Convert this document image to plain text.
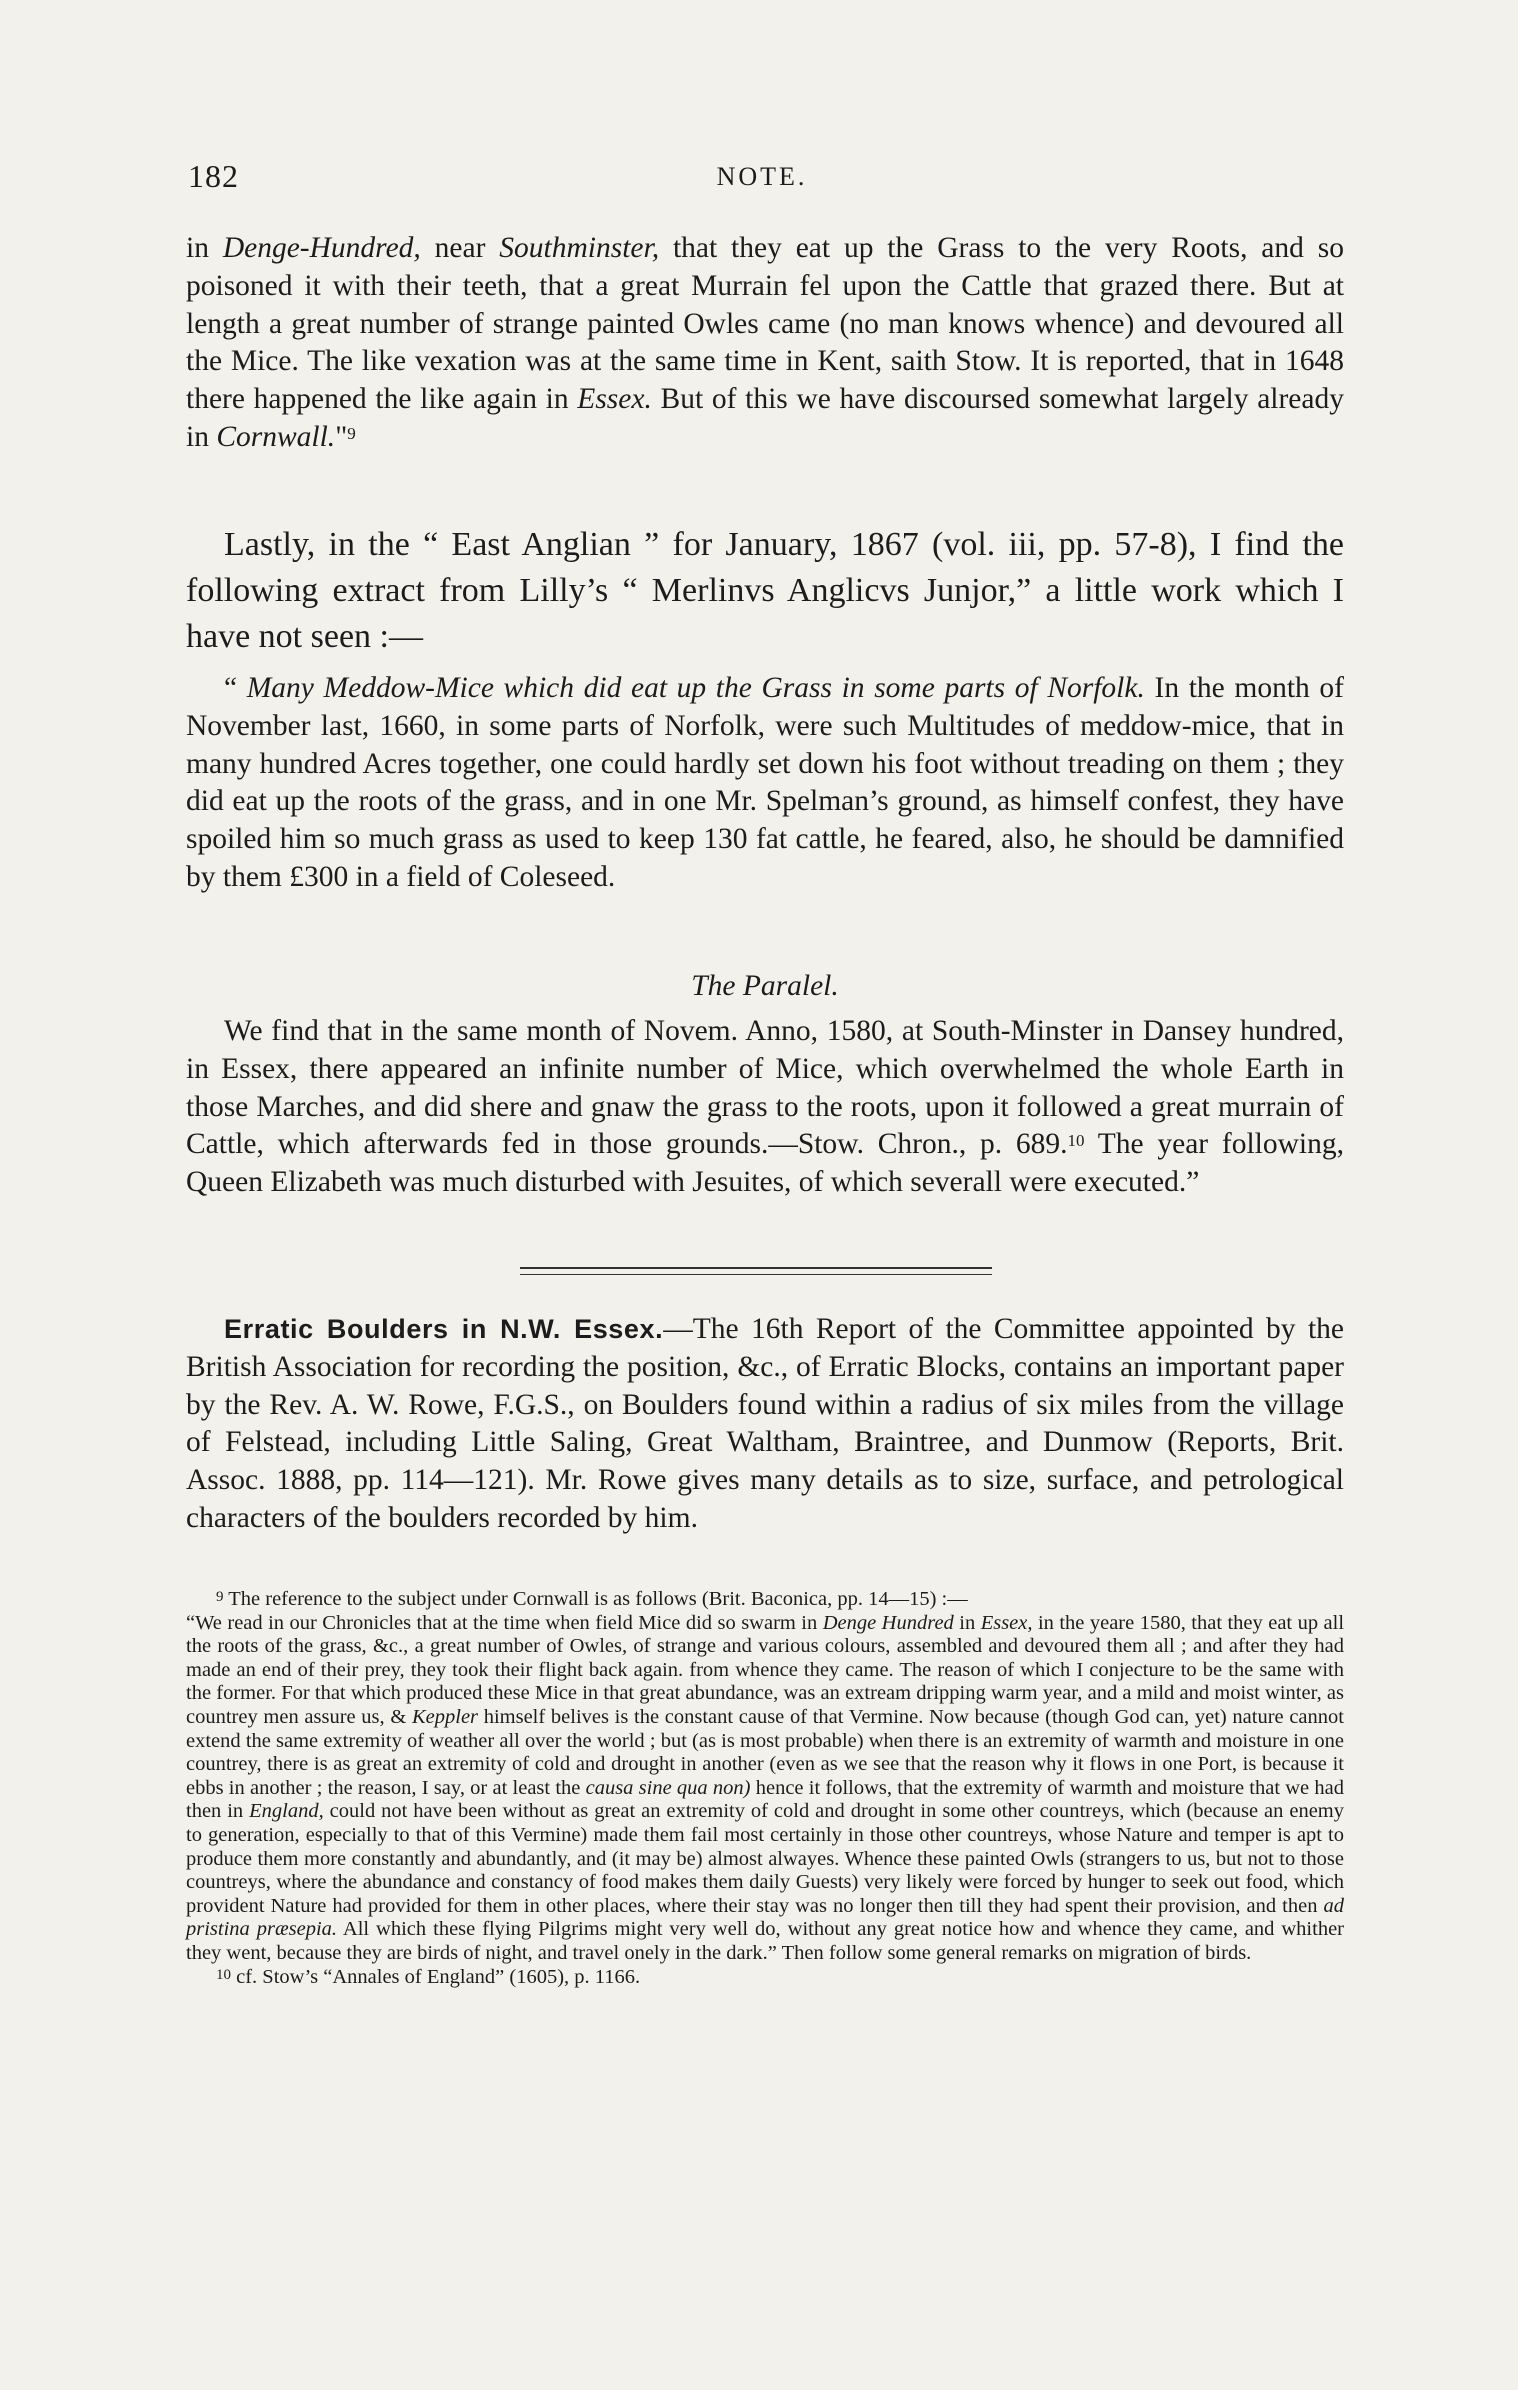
182	NOTE.

in Denge-Hundred, near Southminster, that they eat up the Grass to the very Roots, and so poisoned it with their teeth, that a great Murrain fel upon the Cattle that grazed there. But at length a great number of strange painted Owles came (no man knows whence) and devoured all the Mice. The like vexation was at the same time in Kent, saith Stow. It is reported, that in 1648 there happened the like again in Essex. But of this we have discoursed somewhat largely already in Cornwall."$^9$

Lastly, in the “ East Anglian ” for January, 1867 (vol. iii, pp. 57-8), I find the following extract from Lilly’s “ Merlinvs Anglicvs Junjor,” a little work which I have not seen :—

“ Many Meddow-Mice which did eat up the Grass in some parts of Norfolk. In the month of November last, 1660, in some parts of Norfolk, were such Multitudes of meddow-mice, that in many hundred Acres together, one could hardly set down his foot without treading on them ; they did eat up the roots of the grass, and in one Mr. Spelman’s ground, as himself confest, they have spoiled him so much grass as used to keep 130 fat cattle, he feared, also, he should be damnified by them £300 in a field of Coleseed.

The Paralel.

We find that in the same month of Novem. Anno, 1580, at South-Minster in Dansey hundred, in Essex, there appeared an infinite number of Mice, which overwhelmed the whole Earth in those Marches, and did shere and gnaw the grass to the roots, upon it followed a great murrain of Cattle, which afterwards fed in those grounds.—Stow. Chron., p. 689.10 The year following, Queen Elizabeth was much disturbed with Jesuites, of which severall were executed.”

Erratic Boulders in N.W. Essex.—The 16th Report of the Committee appointed by the British Association for recording the position, &c., of Erratic Blocks, contains an important paper by the Rev. A. W. Rowe, F.G.S., on Boulders found within a radius of six miles from the village of Felstead, including Little Saling, Great Waltham, Braintree, and Dunmow (Reports, Brit. Assoc. 1888, pp. 114—121). Mr. Rowe gives many details as to size, surface, and petrological characters of the boulders recorded by him.

$^9$ The reference to the subject under Cornwall is as follows (Brit. Baconica, pp. 14—15) :—
“We read in our Chronicles that at the time when field Mice did so swarm in Denge Hundred in Essex, in the yeare 1580, that they eat up all the roots of the grass, &c., a great number of Owles, of strange and various colours, assembled and devoured them all ; and after they had made an end of their prey, they took their flight back again. from whence they came. The reason of which I conjecture to be the same with the former. For that which produced these Mice in that great abundance, was an extream dripping warm year, and a mild and moist winter, as countrey men assure us, & Keppler himself belives is the constant cause of that Vermine. Now because (though God can, yet) nature cannot extend the same extremity of weather all over the world ; but (as is most probable) when there is an extremity of warmth and moisture in one countrey, there is as great an extremity of cold and drought in another (even as we see that the reason why it flows in one Port, is because it ebbs in another ; the reason, I say, or at least the causa sine qua non) hence it follows, that the extremity of warmth and moisture that we had then in England, could not have been without as great an extremity of cold and drought in some other countreys, which (because an enemy to generation, especially to that of this Vermine) made them fail most certainly in those other countreys, whose Nature and temper is apt to produce them more constantly and abundantly, and (it may be) almost alwayes. Whence these painted Owls (strangers to us, but not to those countreys, where the abundance and constancy of food makes them daily Guests) very likely were forced by hunger to seek out food, which provident Nature had provided for them in other places, where their stay was no longer then till they had spent their provision, and then ad pristina præsepia. All which these flying Pilgrims might very well do, without any great notice how and whence they came, and whither they went, because they are birds of night, and travel onely in the dark.” Then follow some general remarks on migration of birds.

$^{10}$ cf. Stow’s “Annales of England” (1605), p. 1166.
